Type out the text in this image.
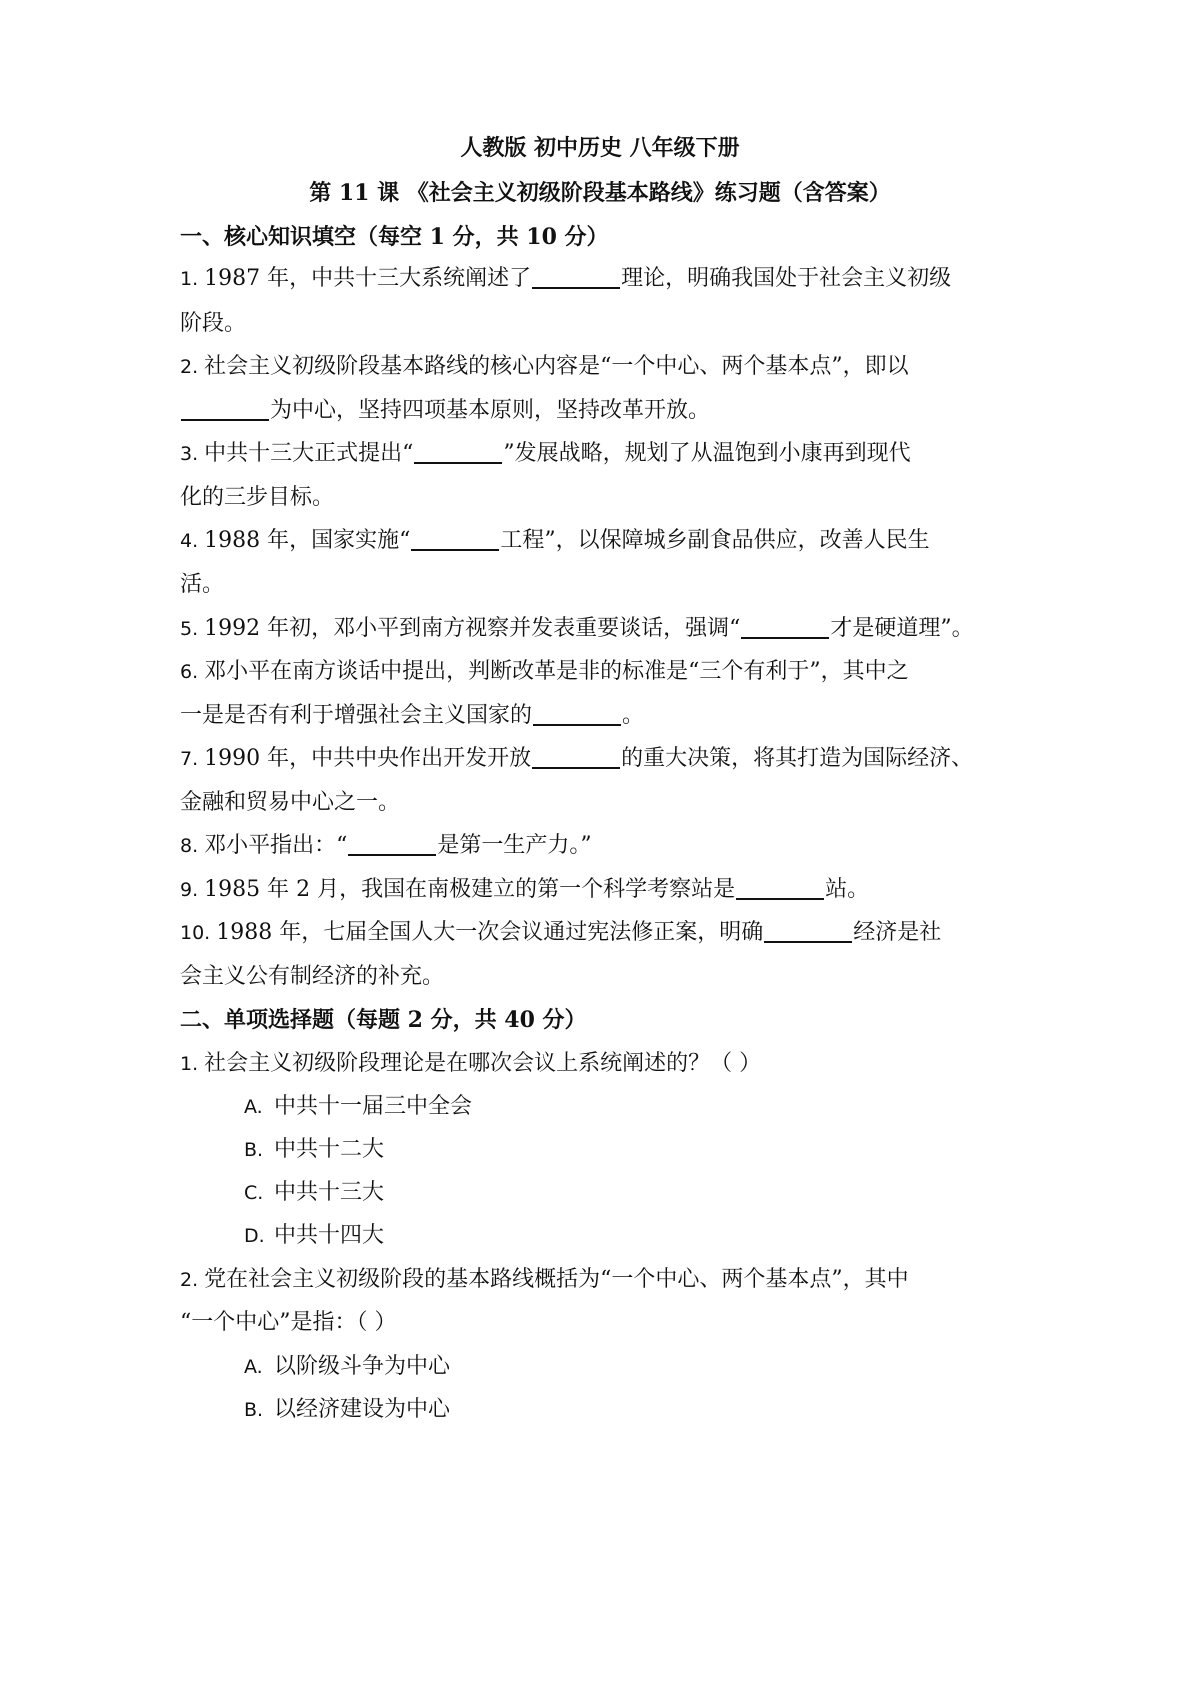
人教版 初中历史 八年级下册
第 11 课 《社会主义初级阶段基本路线》练习题（含答案）
一、核心知识填空（每空 1 分，共 10 分）
1. 1987 年，中共十三大系统阐述了	理论，明确我国处于社会主义初级
阶段。
2. 社会主义初级阶段基本路线的核心内容是“一个中心、两个基本点”，即以
为中心，坚持四项基本原则，坚持改革开放。
3. 中共十三大正式提出“	”发展战略，规划了从温饱到小康再到现代
化的三步目标。
4. 1988 年，国家实施“	工程”，以保障城乡副食品供应，改善人民生
活。
5. 1992 年初，邓小平到南方视察并发表重要谈话，强调“	才是硬道理”。
6. 邓小平在南方谈话中提出，判断改革是非的标准是“三个有利于”，其中之
一是是否有利于增强社会主义国家的	。
7. 1990 年，中共中央作出开发开放	的重大决策，将其打造为国际经济、
金融和贸易中心之一。
8. 邓小平指出：“	是第一生产力。”
9. 1985 年 2 月，我国在南极建立的第一个科学考察站是	站。
10. 1988 年，七届全国人大一次会议通过宪法修正案，明确	经济是社
会主义公有制经济的补充。
二、单项选择题（每题 2 分，共 40 分）
1. 社会主义初级阶段理论是在哪次会议上系统阐述的？（ ）
A. 中共十一届三中全会
B. 中共十二大
C. 中共十三大
D. 中共十四大
2. 党在社会主义初级阶段的基本路线概括为“一个中心、两个基本点”，其中
“一个中心”是指：（ ）
A. 以阶级斗争为中心
B. 以经济建设为中心
